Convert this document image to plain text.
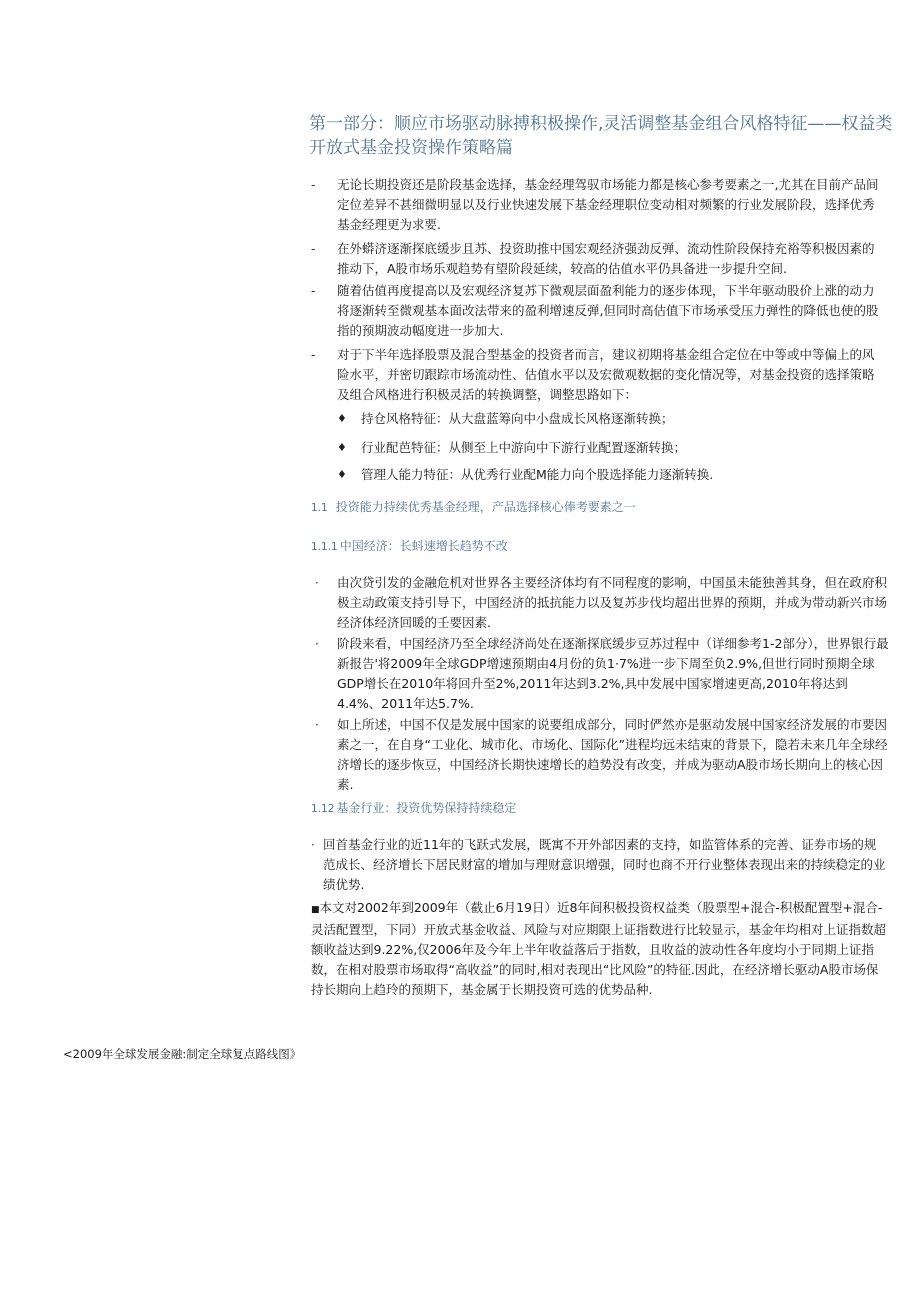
第一部分：顺应市场驱动脉搏积极操作,灵活调整基金组合风格特征——权益类开放式基金投资操作策略篇
- 无论长期投资还是阶段基金选择，基金经理驾驭市场能力都是核心参考要素之一,尤其在目前产品间定位差异不甚细微明显以及行业快速发展下基金经理职位变动相对频繁的行业发展阶段，选择优秀基金经理更为求要.
- 在外蟒济逐渐探底缓步且苏、投资助推中国宏观经济强劲反弹、流动性阶段保持充裕等积极因素的推动下，A股市场乐观趋势有望阶段延续，较高的估值水平仍具备进一步提升空间.
- 随着估值再度提高以及宏观经济复苏下微观层面盈利能力的逐步体现，下半年驱动股价上涨的动力将逐渐转至微观基本面改法带来的盈利增速反弹,但同时高估值下市场承受压力弹性的降低也使的股指的预期波动幅度进一步加大.
- 对于下半年选择股票及混合型基金的投资者而言，建议初期将基金组合定位在中等或中等偏上的风险水平，并密切跟踪市场流动性、估值水平以及宏微观数据的变化情况等，对基金投资的选择策略及组合风格进行积极灵活的转换调整，调整思路如下：
♦ 持仓风格特征：从大盘蓝筹向中小盘成长风格逐渐转换；
♦ 行业配芭特征：从侧至上中游向中下游行业配置逐渐转换；
♦ 管理人能力特征：从优秀行业配M能力向个股选择能力逐渐转换.
1.1 投资能力持续优秀基金经理，产品选择核心俸考要素之一
1.1.1 中国经济：长蚪速增长趋势不改
· 由次贷引发的金融危机对世界各主要经济体均有不同程度的影响，中国虽未能独善其身，但在政府积极主动政策支持引导下，中国经济的抵抗能力以及复苏步伐均超出世界的预期，并成为带动新兴市场经济体经济回暖的壬要因素.
· 阶段来看，中国经济乃至全球经济尚处在逐渐探底缓步豆苏过程中（详细参考1-2部分），世界银行最新报告'将2009年全球GDP增速预期由4月份的负1·7%进一步下周至负2.9%,但世行同时预期全球GDP增长在2010年将回升至2%,2011年达到3.2%,具中发展中国家增速更高,2010年将达到4.4%、2011年达5.7%.
· 如上所述，中国不仅是发展中国家的说要组成部分，同时俨然亦是驱动发展中国家经济发展的市要因素之一，在自身“工业化、城市化、市场化、国际化”进程均远未结束的背景下，隐若未来几年全球经济增长的逐步恢豆，中国经济长期快速增长的趋势没有改变，并成为驱动A股市场长期向上的核心因素.
1.12 基金行业：投资优势保持持续稳定
· 回首基金行业的近11年的飞跃式发展，既寓不开外部因素的支持，如监管体系的完善、证券市场的规范成长、经济增长下居民财富的增加与理财意识增强，同时也商不开行业整体表现出来的持续稳定的业绩优势.
■本文对2002年到2009年（截止6月19日）近8年间积极投资权益类（股票型+混合-积极配置型+混合-灵活配置型，下同）开放式基金收益、风险与对应期限上证指数进行比较显示，基金年均相对上证指数超额收益达到9.22%,仅2006年及今年上半年收益落后于指数，且收益的波动性各年度均小于同期上证指数，在相对股票市场取得“高收益”的同时,相对表现出“比风险”的特征.因此，在经济增长驱动A股市场保持长期向上趋玲的预期下，基金属于长期投资可选的优势品种.
<2009年全球发展金融:制定全球复点路线图》
